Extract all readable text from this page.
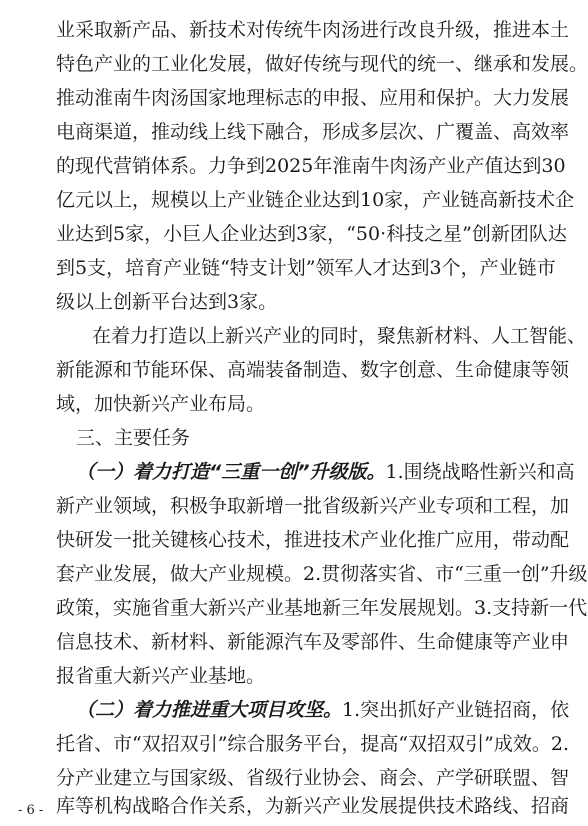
业采取新产品、新技术对传统牛肉汤进行改良升级，推进本土
特色产业的工业化发展，做好传统与现代的统一、继承和发展。
推动淮南牛肉汤国家地理标志的申报、应用和保护。大力发展
电商渠道，推动线上线下融合，形成多层次、广覆盖、高效率
的现代营销体系。力争到2025年淮南牛肉汤产业产值达到30
亿元以上，规模以上产业链企业达到10家，产业链高新技术企
业达到5家，小巨人企业达到3家，“50·科技之星”创新团队达
到5支，培育产业链“特支计划”领军人才达到3个，产业链市
级以上创新平台达到3家。
在着力打造以上新兴产业的同时，聚焦新材料、人工智能、
新能源和节能环保、高端装备制造、数字创意、生命健康等领
域，加快新兴产业布局。
三、主要任务
（一）着力打造“三重一创”升级版。1.围绕战略性新兴和高
新产业领域，积极争取新增一批省级新兴产业专项和工程，加
快研发一批关键核心技术，推进技术产业化推广应用，带动配
套产业发展，做大产业规模。2.贯彻落实省、市“三重一创”升级
政策，实施省重大新兴产业基地新三年发展规划。3.支持新一代
信息技术、新材料、新能源汽车及零部件、生命健康等产业申
报省重大新兴产业基地。
（二）着力推进重大项目攻坚。1.突出抓好产业链招商，依
托省、市“双招双引”综合服务平台，提高“双招双引”成效。2.
分产业建立与国家级、省级行业协会、商会、产学研联盟、智
库等机构战略合作关系，为新兴产业发展提供技术路线、招商
- 6 -
